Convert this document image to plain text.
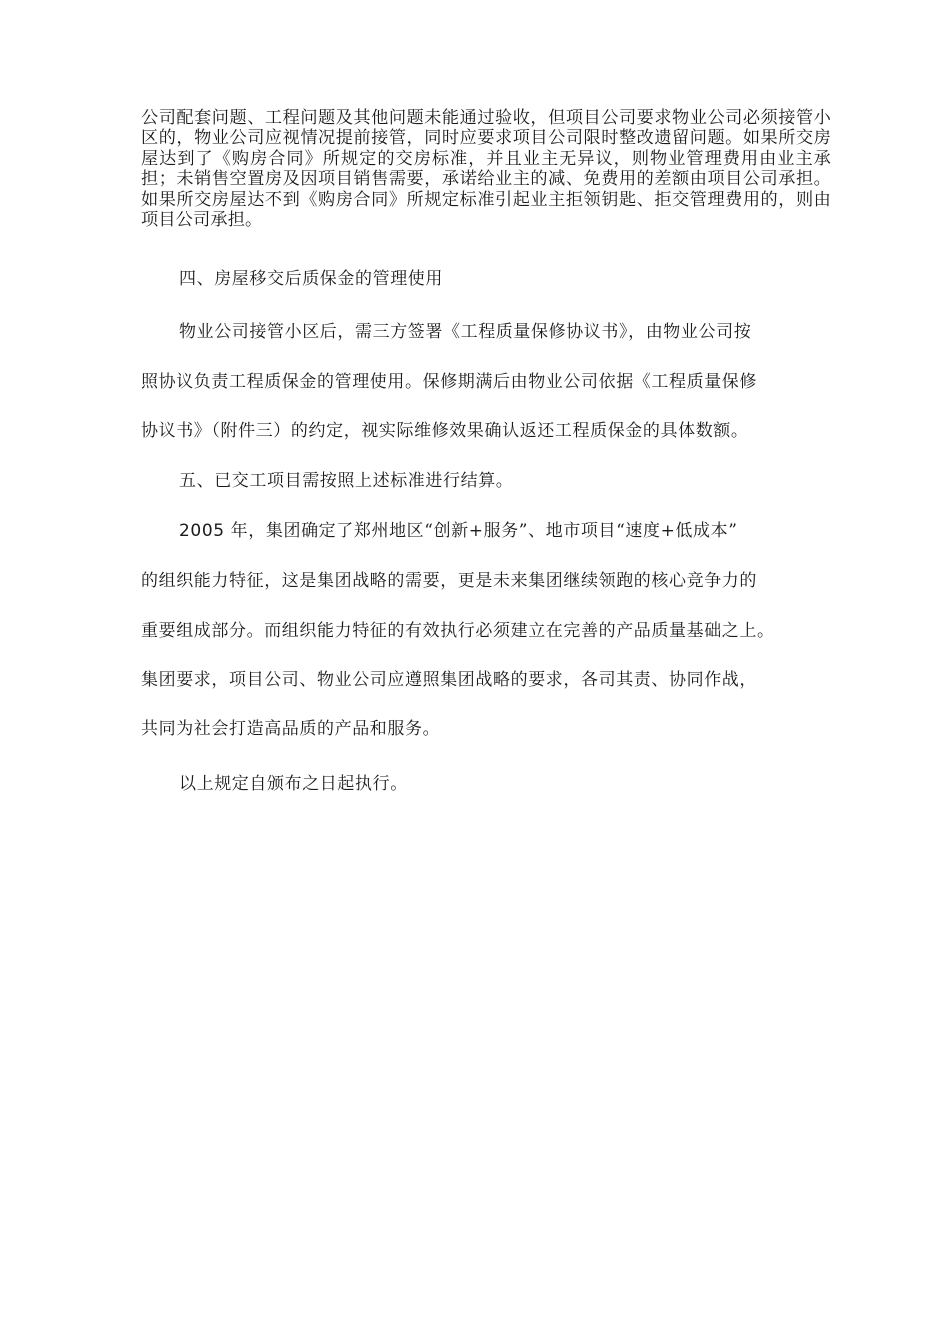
公司配套问题、工程问题及其他问题未能通过验收，但项目公司要求物业公司必须接管小区的，物业公司应视情况提前接管，同时应要求项目公司限时整改遗留问题。如果所交房屋达到了《购房合同》所规定的交房标准，并且业主无异议，则物业管理费用由业主承担；未销售空置房及因项目销售需要，承诺给业主的减、免费用的差额由项目公司承担。如果所交房屋达不到《购房合同》所规定标准引起业主拒领钥匙、拒交管理费用的，则由项目公司承担。

四、房屋移交后质保金的管理使用

物业公司接管小区后，需三方签署《工程质量保修协议书》，由物业公司按

照协议负责工程质保金的管理使用。保修期满后由物业公司依据《工程质量保修

协议书》（附件三）的约定，视实际维修效果确认返还工程质保金的具体数额。

五、已交工项目需按照上述标准进行结算。

2005 年，集团确定了郑州地区“创新+服务”、地市项目“速度+低成本”

的组织能力特征，这是集团战略的需要，更是未来集团继续领跑的核心竞争力的

重要组成部分。而组织能力特征的有效执行必须建立在完善的产品质量基础之上。

集团要求，项目公司、物业公司应遵照集团战略的要求，各司其责、协同作战，

共同为社会打造高品质的产品和服务。

以上规定自颁布之日起执行。
